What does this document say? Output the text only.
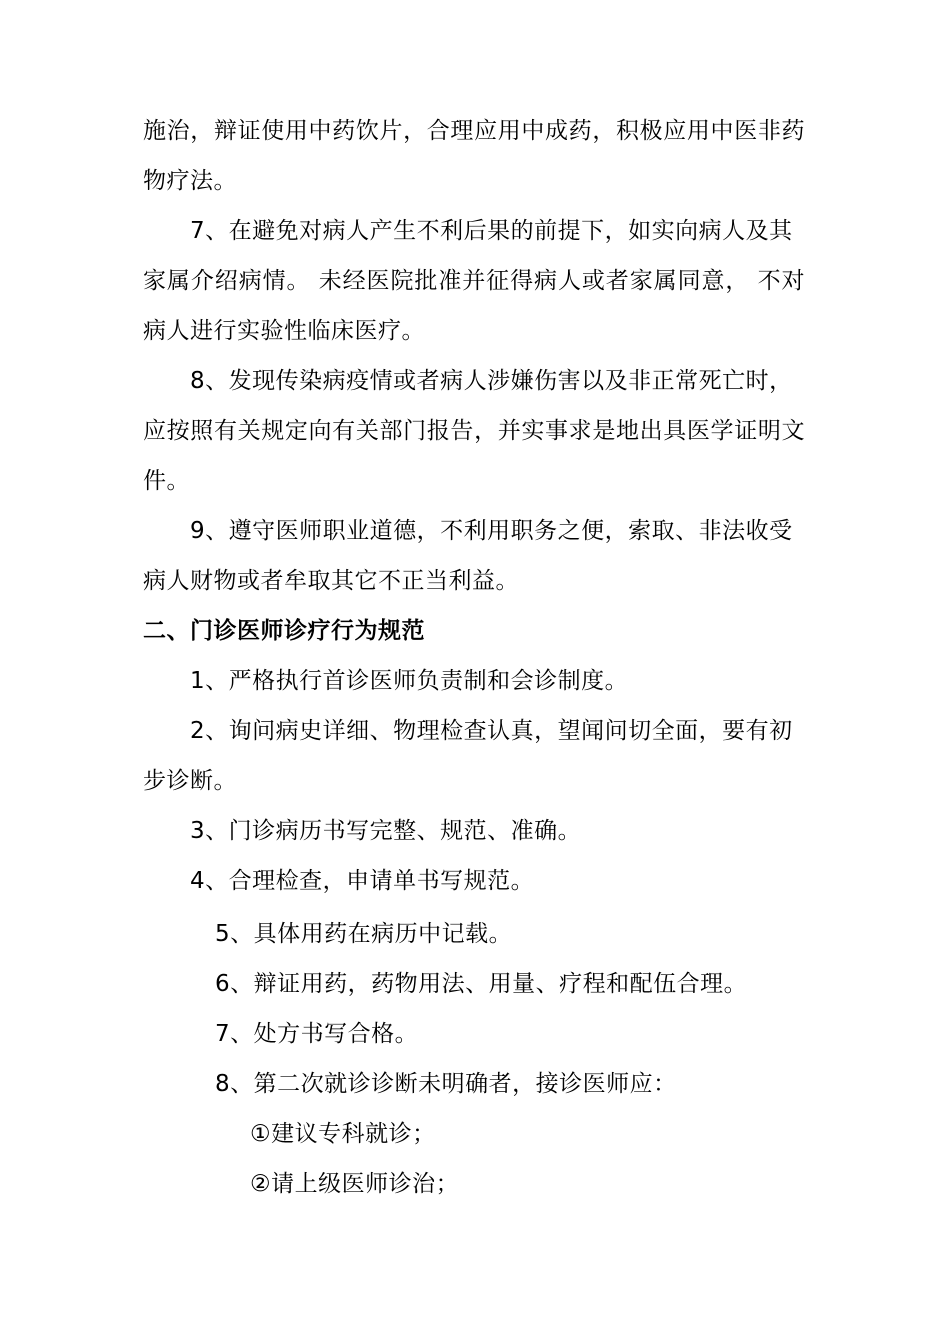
施治，辩证使用中药饮片，合理应用中成药，积极应用中医非药
物疗法。
7、在避免对病人产生不利后果的前提下，如实向病人及其
家属介绍病情。 未经医院批准并征得病人或者家属同意， 不对
病人进行实验性临床医疗。
8、发现传染病疫情或者病人涉嫌伤害以及非正常死亡时，
应按照有关规定向有关部门报告，并实事求是地出具医学证明文
件。
9、遵守医师职业道德，不利用职务之便，索取、非法收受
病人财物或者牟取其它不正当利益。
二、门诊医师诊疗行为规范
1、严格执行首诊医师负责制和会诊制度。
2、询问病史详细、物理检查认真，望闻问切全面，要有初
步诊断。
3、门诊病历书写完整、规范、准确。
4、合理检查，申请单书写规范。
5、具体用药在病历中记载。
6、辩证用药，药物用法、用量、疗程和配伍合理。
7、处方书写合格。
8、第二次就诊诊断未明确者，接诊医师应：
①建议专科就诊；
②请上级医师诊治；
